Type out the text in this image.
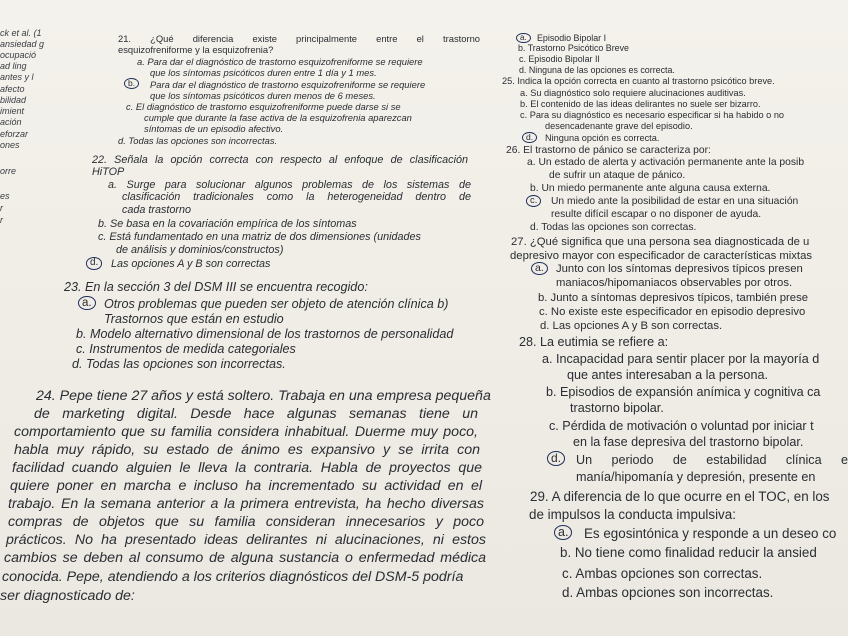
ck et al. (1
ansiedad g
ocupació
ad ling
antes y l
afecto
bilidad
imient
ación
eforzar
ones
orre
es
r
r
21. ¿Qué diferencia existe principalmente entre el trastorno
esquizofreniforme y la esquizofrenia?
a. Para dar el diagnóstico de trastorno esquizofreniforme se requiere
que los síntomas psicóticos duren entre 1 día y 1 mes.
b.	Para dar el diagnóstico de trastorno esquizofreniforme se requiere
que los síntomas psicóticos duren menos de 6 meses.
c. El diagnóstico de trastorno esquizofreniforme puede darse si se
cumple que durante la fase activa de la esquizofrenia aparezcan
síntomas de un episodio afectivo.
d. Todas las opciones son incorrectas.
22. Señala la opción correcta con respecto al enfoque de clasificación
HiTOP
a. Surge para solucionar algunos problemas de los sistemas de
clasificación tradicionales como la heterogeneidad dentro de
cada trastorno
b. Se basa en la covariación empírica de los síntomas
c. Está fundamentado en una matriz de dos dimensiones (unidades
de análisis y dominios/constructos)
d.	Las opciones A y B son correctas
23. En la sección 3 del DSM III se encuentra recogido:
a. Otros problemas que pueden ser objeto de atención clínica b)
Trastornos que están en estudio
b. Modelo alternativo dimensional de los trastornos de personalidad
c. Instrumentos de medida categoriales
d. Todas las opciones son incorrectas.
24. Pepe tiene 27 años y está soltero. Trabaja en una empresa pequeña
de marketing digital. Desde hace algunas semanas tiene un
comportamiento que su familia considera inhabitual. Duerme muy poco,
habla muy rápido, su estado de ánimo es expansivo y se irrita con
facilidad cuando alguien le lleva la contraria. Habla de proyectos que
quiere poner en marcha e incluso ha incrementado su actividad en el
trabajo. En la semana anterior a la primera entrevista, ha hecho diversas
compras de objetos que su familia consideran innecesarios y poco
prácticos. No ha presentado ideas delirantes ni alucinaciones, ni estos
cambios se deben al consumo de alguna sustancia o enfermedad médica
conocida. Pepe, atendiendo a los criterios diagnósticos del DSM-5 podría
ser diagnosticado de:
a.	Episodio Bipolar I
b. Trastorno Psicótico Breve
c. Episodio Bipolar II
d. Ninguna de las opciones es correcta.
25. Indica la opción correcta en cuanto al trastorno psicótico breve.
a. Su diagnóstico solo requiere alucinaciones auditivas.
b. El contenido de las ideas delirantes no suele ser bizarro.
c. Para su diagnóstico es necesario especificar si ha habido o no
desencadenante grave del episodio.
d.	Ninguna opción es correcta.
26. El trastorno de pánico se caracteriza por:
a. Un estado de alerta y activación permanente ante la posib
de sufrir un ataque de pánico.
b. Un miedo permanente ante alguna causa externa.
c.	Un miedo ante la posibilidad de estar en una situación
resulte difícil escapar o no disponer de ayuda.
d. Todas las opciones son correctas.
27. ¿Qué significa que una persona sea diagnosticada de u
depresivo mayor con especificador de características mixtas
a.	Junto con los síntomas depresivos típicos presen
maniacos/hipomaniacos observables por otros.
b. Junto a síntomas depresivos típicos, también prese
c. No existe este especificador en episodio depresivo
d. Las opciones A y B son correctas.
28. La eutimia se refiere a:
a. Incapacidad para sentir placer por la mayoría d
que antes interesaban a la persona.
b. Episodios de expansión anímica y cognitiva ca
trastorno bipolar.
c. Pérdida de motivación o voluntad por iniciar t
en la fase depresiva del trastorno bipolar.
d.	Un periodo de estabilidad clínica e
manía/hipomanía y depresión, presente en
29. A diferencia de lo que ocurre en el TOC, en los
de impulsos la conducta impulsiva:
a. Es egosintónica y responde a un deseo co
b. No tiene como finalidad reducir la ansied
c. Ambas opciones son correctas.
d. Ambas opciones son incorrectas.
